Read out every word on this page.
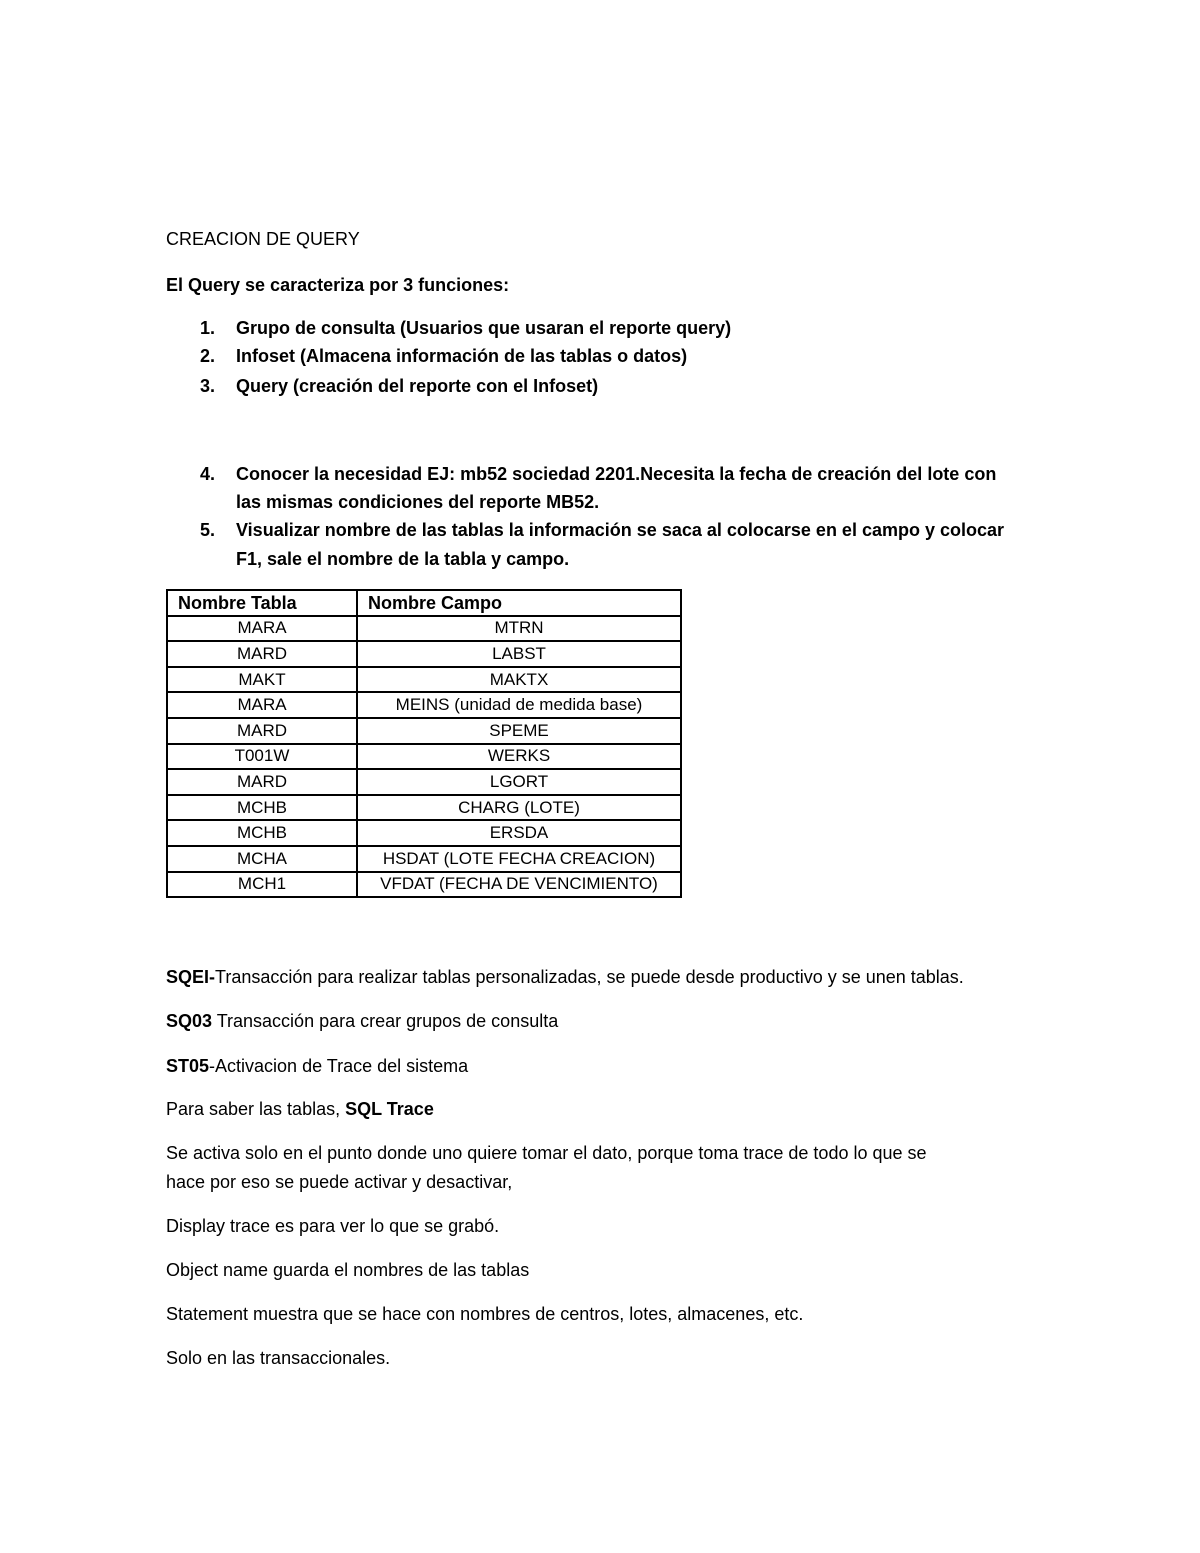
CREACION DE QUERY
El Query se caracteriza por 3 funciones:
1. Grupo de consulta (Usuarios que usaran el reporte query)
2. Infoset (Almacena información de las tablas o datos)
3. Query (creación del reporte con el Infoset)
4. Conocer la necesidad EJ: mb52 sociedad 2201.Necesita la fecha de creación del lote con
las mismas condiciones del reporte MB52.
5. Visualizar nombre de las tablas la información se saca al colocarse en el campo y colocar
F1, sale el nombre de la tabla y campo.
Nombre Tabla	Nombre Campo
MARA	MTRN
MARD	LABST
MAKT	MAKTX
MARA	MEINS (unidad de medida base)
MARD	SPEME
T001W	WERKS
MARD	LGORT
MCHB	CHARG (LOTE)
MCHB	ERSDA
MCHA	HSDAT (LOTE FECHA CREACION)
MCH1	VFDAT (FECHA DE VENCIMIENTO)
SQEI-Transacción para realizar tablas personalizadas, se puede desde productivo y se unen tablas.
SQ03 Transacción para crear grupos de consulta
ST05-Activacion de Trace del sistema
Para saber las tablas, SQL Trace
Se activa solo en el punto donde uno quiere tomar el dato, porque toma trace de todo lo que se
hace por eso se puede activar y desactivar,
Display trace es para ver lo que se grabó.
Object name guarda el nombres de las tablas
Statement muestra que se hace con nombres de centros, lotes, almacenes, etc.
Solo en las transaccionales.
